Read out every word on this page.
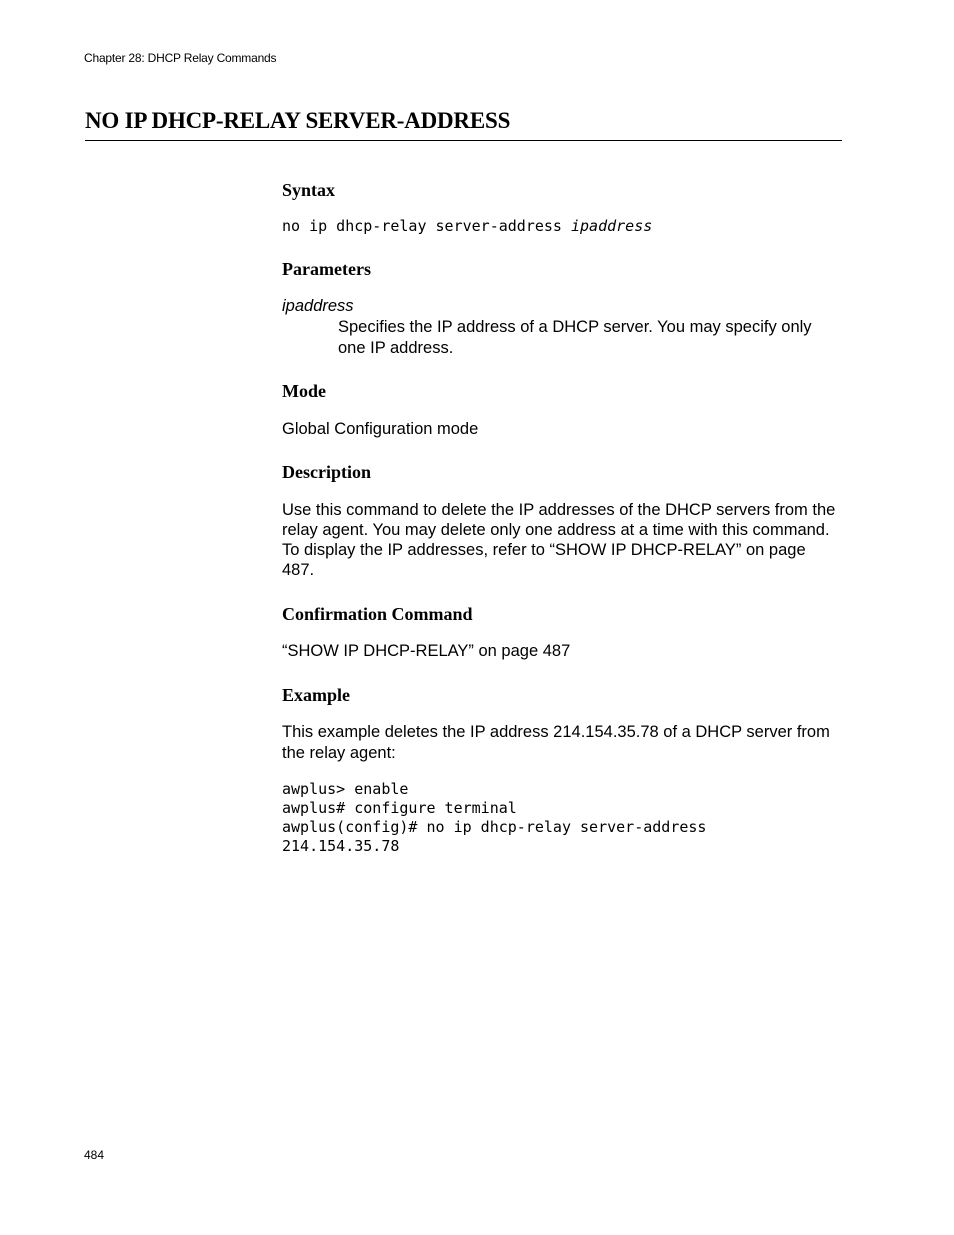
Chapter 28: DHCP Relay Commands
NO IP DHCP-RELAY SERVER-ADDRESS
Syntax
no ip dhcp-relay server-address ipaddress
Parameters
ipaddress

Specifies the IP address of a DHCP server. You may specify only one IP address.

Mode

Global Configuration mode

Description

Use this command to delete the IP addresses of the DHCP servers from the relay agent. You may delete only one address at a time with this command. To display the IP addresses, refer to “SHOW IP DHCP-RELAY” on page 487.

Confirmation Command

“SHOW IP DHCP-RELAY” on page 487

Example

This example deletes the IP address 214.154.35.78 of a DHCP server from the relay agent:

awplus> enable
awplus# configure terminal
awplus(config)# no ip dhcp-relay server-address
214.154.35.78
484
